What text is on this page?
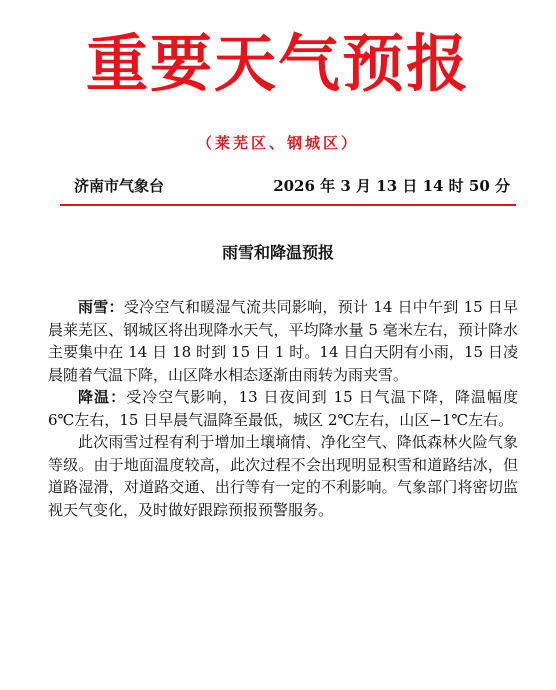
重要天气预报
（莱芜区、钢城区）
济南市气象台	2026 年 3 月 13 日 14 时 50 分
雨雪和降温预报

雨雪：受冷空气和暖湿气流共同影响，预计 14 日中午到 15 日早晨莱芜区、钢城区将出现降水天气，平均降水量 5 毫米左右，预计降水主要集中在 14 日 18 时到 15 日 1 时。14 日白天阴有小雨，15 日凌晨随着气温下降，山区降水相态逐渐由雨转为雨夹雪。

降温：受冷空气影响，13 日夜间到 15 日气温下降，降温幅度 6℃左右，15 日早晨气温降至最低，城区 2℃左右，山区−1℃左右。

此次雨雪过程有利于增加土壤墒情、净化空气、降低森林火险气象等级。由于地面温度较高，此次过程不会出现明显积雪和道路结冰，但道路湿滑，对道路交通、出行等有一定的不利影响。气象部门将密切监视天气变化，及时做好跟踪预报预警服务。
